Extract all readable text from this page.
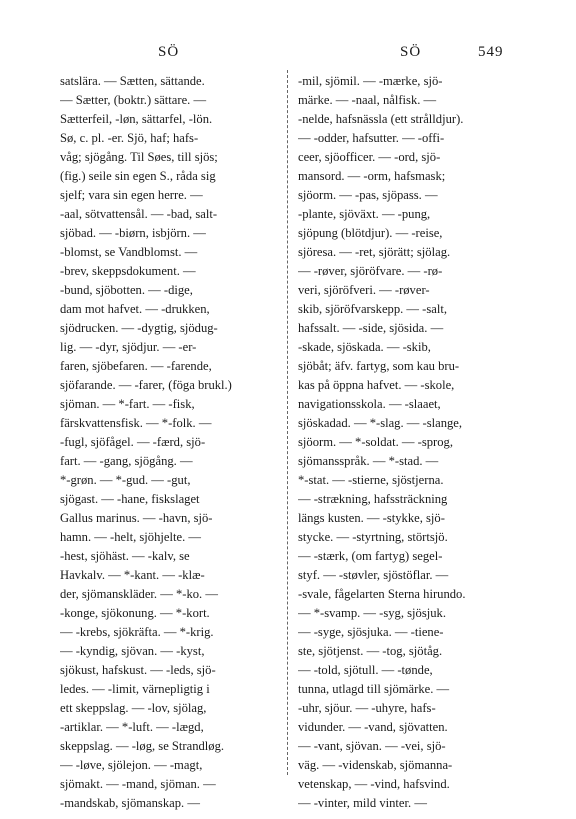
SÖ	SÖ	549
satslära. — Sætten, sättande.
— Sætter, (boktr.) sättare. —
Sætterfeil, -løn, sättarfel, -lön.
Sø, c. pl. -er. Sjö, haf; hafs-
våg; sjögång. Til Søes, till sjös;
(fig.) seile sin egen S., råda sig
sjelf; vara sin egen herre. —
-aal, sötvattensål. — -bad, salt-
sjöbad. — -biørn, isbjörn. —
-blomst, se Vandblomst. —
-brev, skeppsdokument. —
-bund, sjöbotten. — -dige,
dam mot hafvet. — -drukken,
sjödrucken. — -dygtig, sjödug-
lig. — -dyr, sjödjur. — -er-
faren, sjöbefaren. — -farende,
sjöfarande. — -farer, (föga brukl.)
sjöman. — *-fart. — -fisk,
färskvattensfisk. — *-folk. —
-fugl, sjöfågel. — -færd, sjö-
fart. — -gang, sjögång. —
*-grøn. — *-gud. — -gut,
sjögast. — -hane, fiskslaget
Gallus marinus. — -havn, sjö-
hamn. — -helt, sjöhjelte. —
-hest, sjöhäst. — -kalv, se
Havkalv. — *-kant. — -klæ-
der, sjömanskläder. — *-ko. —
-konge, sjökonung. — *-kort.
— -krebs, sjökräfta. — *-krig.
— -kyndig, sjövan. — -kyst,
sjökust, hafskust. — -leds, sjö-
ledes. — -limit, värnepligtig i
ett skeppslag. — -lov, sjölag,
-artiklar. — *-luft. — -lægd,
skeppslag. — -løg, se Strandløg.
— -løve, sjölejon. — -magt,
sjömakt. — -mand, sjöman. —
-mandskab, sjömanskap. —
-mil, sjömil. — -mærke, sjö-
märke. — -naal, nålfisk. —
-nelde, hafsnässla (ett strålldjur).
— -odder, hafsutter. — -offi-
ceer, sjöofficer. — -ord, sjö-
mansord. — -orm, hafsmask;
sjöorm. — -pas, sjöpass. —
-plante, sjöväxt. — -pung,
sjöpung (blötdjur). — -reise,
sjöresa. — -ret, sjörätt; sjölag.
— -røver, sjöröfvare. — -rø-
veri, sjöröfveri. — -røver-
skib, sjöröfvarskepp. — -salt,
hafssalt. — -side, sjösida. —
-skade, sjöskada. — -skib,
sjöbåt; äfv. fartyg, som kau bru-
kas på öppna hafvet. — -skole,
navigationsskola. — -slaaet,
sjöskadad. — *-slag. — -slange,
sjöorm. — *-soldat. — -sprog,
sjömansspråk. — *-stad. —
*-stat. — -stierne, sjöstjerna.
— -strækning, hafssträckning
längs kusten. — -stykke, sjö-
stycke. — -styrtning, störtsjö.
— -stærk, (om fartyg) segel-
styf. — -støvler, sjöstöflar. —
-svale, fågelarten Sterna hirundo.
— *-svamp. — -syg, sjösjuk.
— -syge, sjösjuka. — -tiene-
ste, sjötjenst. — -tog, sjötåg.
— -told, sjötull. — -tønde,
tunna, utlagd till sjömärke. —
-uhr, sjöur. — -uhyre, hafs-
vidunder. — -vand, sjövatten.
— -vant, sjövan. — -vei, sjö-
väg. — -videnskab, sjömanna-
vetenskap, — -vind, hafsvind.
— -vinter, mild vinter. —
